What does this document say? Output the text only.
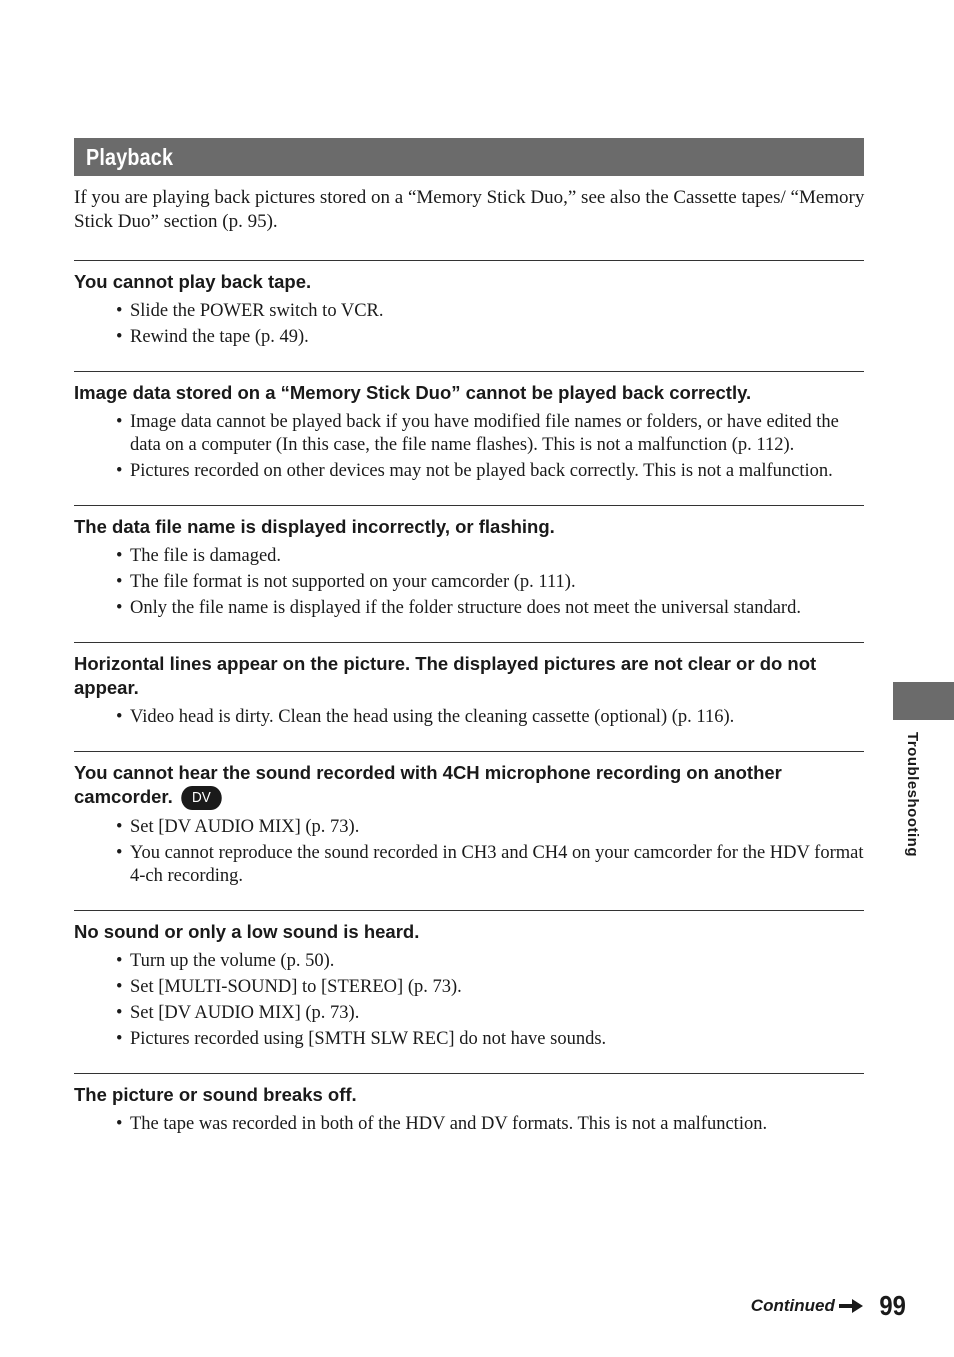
Playback

If you are playing back pictures stored on a “Memory Stick Duo,” see also the Cassette tapes/ “Memory Stick Duo” section (p. 95).

You cannot play back tape.
• Slide the POWER switch to VCR.
• Rewind the tape (p. 49).
Image data stored on a “Memory Stick Duo” cannot be played back correctly.
• Image data cannot be played back if you have modified file names or folders, or have edited the data on a computer (In this case, the file name flashes). This is not a malfunction (p. 112).
• Pictures recorded on other devices may not be played back correctly. This is not a malfunction.
The data file name is displayed incorrectly, or flashing.
• The file is damaged.
• The file format is not supported on your camcorder (p. 111).
• Only the file name is displayed if the folder structure does not meet the universal standard.
Horizontal lines appear on the picture. The displayed pictures are not clear or do not appear.
• Video head is dirty. Clean the head using the cleaning cassette (optional) (p. 116).
You cannot hear the sound recorded with 4CH microphone recording on another camcorder. DV
• Set [DV AUDIO MIX] (p. 73).
• You cannot reproduce the sound recorded in CH3 and CH4 on your camcorder for the HDV format 4-ch recording.
No sound or only a low sound is heard.
• Turn up the volume (p. 50).
• Set [MULTI-SOUND] to [STEREO] (p. 73).
• Set [DV AUDIO MIX] (p. 73).
• Pictures recorded using [SMTH SLW REC] do not have sounds.
The picture or sound breaks off.
• The tape was recorded in both of the HDV and DV formats. This is not a malfunction.
Troubleshooting
Continued 99
